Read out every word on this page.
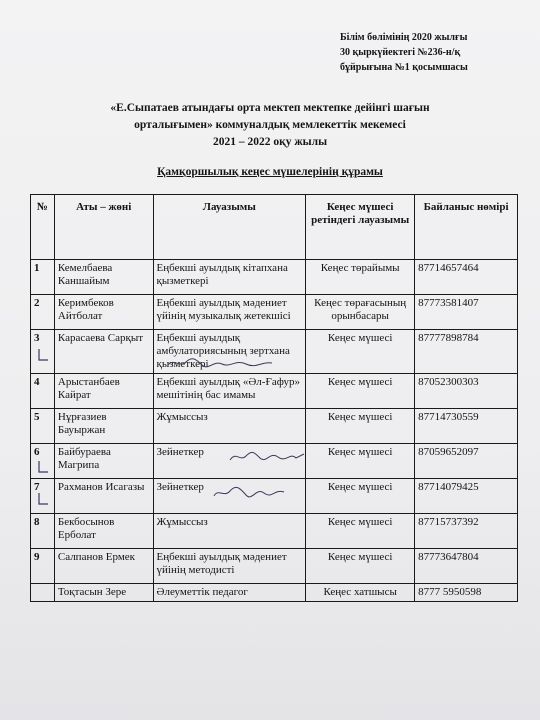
Білім бөлімінің 2020 жылғы
30 қыркүйектегі №236-н/қ
бұйрығына №1 қосымшасы
«Е.Сыпатаев атындағы орта мектеп мектепке дейінгі шағын
орталығымен» коммуналдық мемлекеттік мекемесі
2021 – 2022 оқу жылы
Қамқоршылық кеңес мүшелерінің құрамы
№	Аты – жөні	Лауазымы	Кеңес мүшесі ретіндегі лауазымы	Байланыс нөмірі
1	Кемелбаева Каншайым	Еңбекші ауылдық кітапхана қызметкері	Кеңес төрайымы	87714657464
2	Керимбеков Айтболат	Еңбекші ауылдық мәдениет үйінің музыкалық жетекшісі	Кеңес төрағасының орынбасары	87773581407
3	Карасаева Сарқыт	Еңбекші ауылдық амбулаториясының зертхана қызметкері	Кеңес мүшесі	87777898784
4	Арыстанбаев Кайрат	Еңбекші ауылдық «Әл-Ғафур» мешітінің бас имамы	Кеңес мүшесі	87052300303
5	Нұрғазиев Бауыржан	Жұмыссыз	Кеңес мүшесі	87714730559
6	Байбураева Магрипа	Зейнеткер	Кеңес мүшесі	87059652097
7	Рахманов Исагазы	Зейнеткер	Кеңес мүшесі	87714079425
8	Бекбосынов Ерболат	Жұмыссыз	Кеңес мүшесі	87715737392
9	Салпанов Ермек	Еңбекші ауылдық мәдениет үйінің методисті	Кеңес мүшесі	87773647804
	Тоқтасын Зере	Әлеуметтік педагог	Кеңес хатшысы	8777 5950598
